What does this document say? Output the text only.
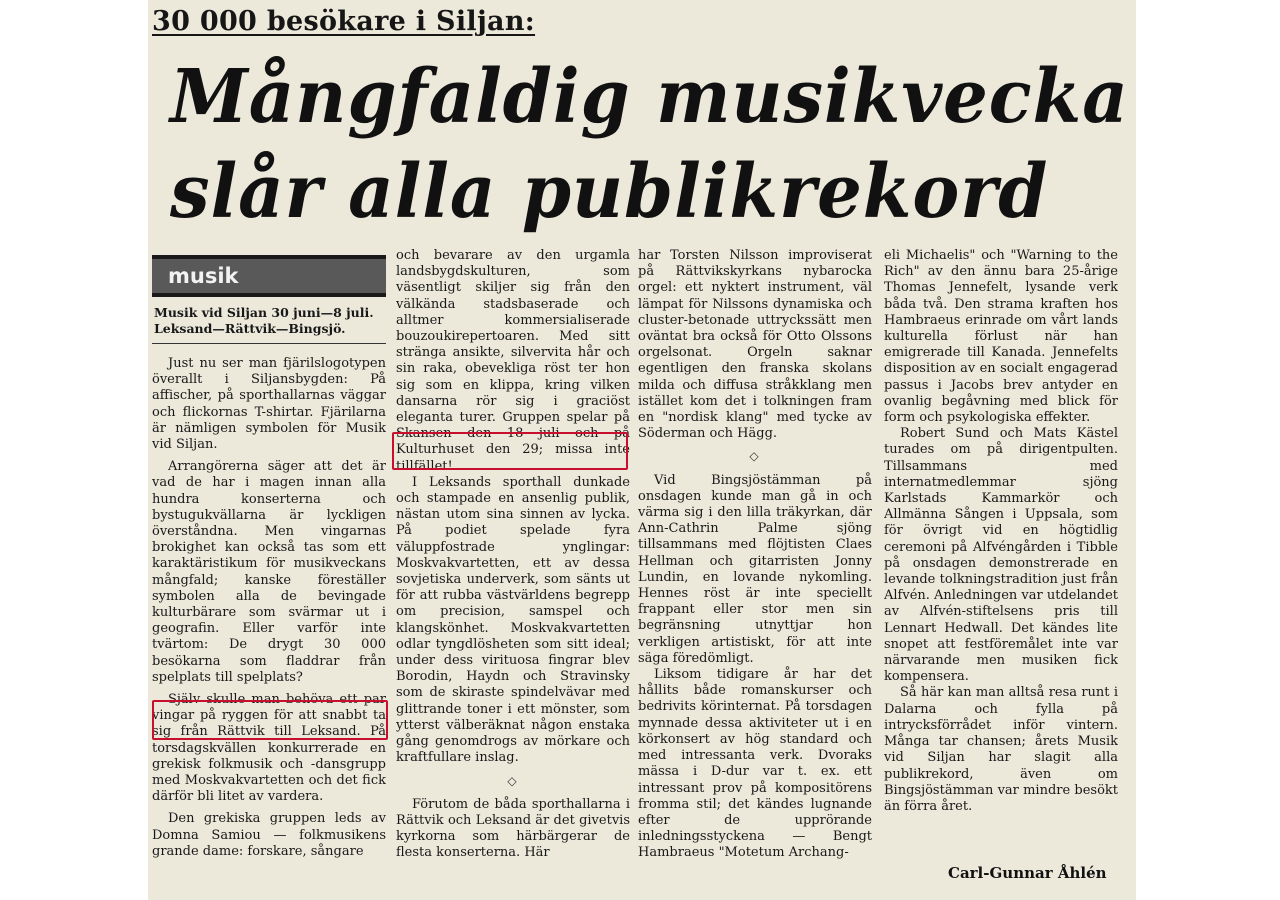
30 000 besökare i Siljan:
Mångfaldig musikvecka
slår alla publikrekord
musik
Musik vid Siljan 30 juni—8 juli.
Leksand—Rättvik—Bingsjö.

Just nu ser man fjärilslogotypen överallt i Siljansbygden: På affischer, på sporthallarnas väggar och flickornas T-shirtar. Fjärilarna är nämligen symbolen för Musik vid Siljan.

Arrangörerna säger att det är vad de har i magen innan alla hundra konserterna och bystugukvällarna är lyckligen överståndna. Men vingarnas brokighet kan också tas som ett karaktäristikum för musikveckans mångfald; kanske föreställer symbolen alla de bevingade kulturbärare som svärmar ut i geografin. Eller varför inte tvärtom: De drygt 30 000 besökarna som fladdrar från spelplats till spelplats?

Själv skulle man behöva ett par vingar på ryggen för att snabbt ta sig från Rättvik till Leksand. På torsdagskvällen konkurrerade en grekisk folkmusik och -dansgrupp med Moskvakvartetten och det fick därför bli litet av vardera.

Den grekiska gruppen leds av Domna Samiou — folkmusikens grande dame: forskare, sångare

och bevarare av den urgamla landsbygdskulturen, som väsentligt skiljer sig från den välkända stadsbaserade och alltmer kommersialiserade bouzoukirepertoaren. Med sitt stränga ansikte, silvervita hår och sin raka, obevekliga röst ter hon sig som en klippa, kring vilken dansarna rör sig i graciöst eleganta turer. Gruppen spelar på Skansen den 18 juli och på Kulturhuset den 29; missa inte tillfället!

I Leksands sporthall dunkade och stampade en ansenlig publik, nästan utom sina sinnen av lycka. På podiet spelade fyra väluppfostrade ynglingar: Moskvakvartetten, ett av dessa sovjetiska underverk, som sänts ut för att rubba västvärldens begrepp om precision, samspel och klangskönhet. Moskvakvartetten odlar tyngdlösheten som sitt ideal; under dess virituosa fingrar blev Borodin, Haydn och Stravinsky som de skiraste spindelvävar med glittrande toner i ett mönster, som ytterst välberäknat någon enstaka gång genomdrogs av mörkare och kraftfullare inslag.

◇

Förutom de båda sporthallarna i Rättvik och Leksand är det givetvis kyrkorna som härbärgerar de flesta konserterna. Här

har Torsten Nilsson improviserat på Rättvikskyrkans nybarocka orgel: ett nyktert instrument, väl lämpat för Nilssons dynamiska och cluster-betonade uttryckssätt men oväntat bra också för Otto Olssons orgelsonat. Orgeln saknar egentligen den franska skolans milda och diffusa stråkklang men istället kom det i tolkningen fram en "nordisk klang" med tycke av Söderman och Hägg.

◇

Vid Bingsjöstämman på onsdagen kunde man gå in och värma sig i den lilla träkyrkan, där Ann-Cathrin Palme sjöng tillsammans med flöjtisten Claes Hellman och gitarristen Jonny Lundin, en lovande nykomling. Hennes röst är inte speciellt frappant eller stor men sin begränsning utnyttjar hon verkligen artistiskt, för att inte säga föredömligt.

Liksom tidigare år har det hållits både romanskurser och bedrivits körinternat. På torsdagen mynnade dessa aktiviteter ut i en körkonsert av hög standard och med intressanta verk. Dvoraks mässa i D-dur var t. ex. ett intressant prov på kompositörens fromma stil; det kändes lugnande efter de upprörande inledningsstyckena — Bengt Hambraeus "Motetum Archang-

eli Michaelis" och "Warning to the Rich" av den ännu bara 25-årige Thomas Jennefelt, lysande verk båda två. Den strama kraften hos Hambraeus erinrade om vårt lands kulturella förlust när han emigrerade till Kanada. Jennefelts disposition av en socialt engagerad passus i Jacobs brev antyder en ovanlig begåvning med blick för form och psykologiska effekter.

Robert Sund och Mats Kästel turades om på dirigentpulten. Tillsammans med internatmedlemmar sjöng Karlstads Kammarkör och Allmänna Sången i Uppsala, som för övrigt vid en högtidlig ceremoni på Alfvéngården i Tibble på onsdagen demonstrerade en levande tolkningstradition just från Alfvén. Anledningen var utdelandet av Alfvén-stiftelsens pris till Lennart Hedwall. Det kändes lite snopet att festföremålet inte var närvarande men musiken fick kompensera.

Så här kan man alltså resa runt i Dalarna och fylla på intrycksförrådet inför vintern. Många tar chansen; årets Musik vid Siljan har slagit alla publikrekord, även om Bingsjöstämman var mindre besökt än förra året.

Carl-Gunnar Åhlén
